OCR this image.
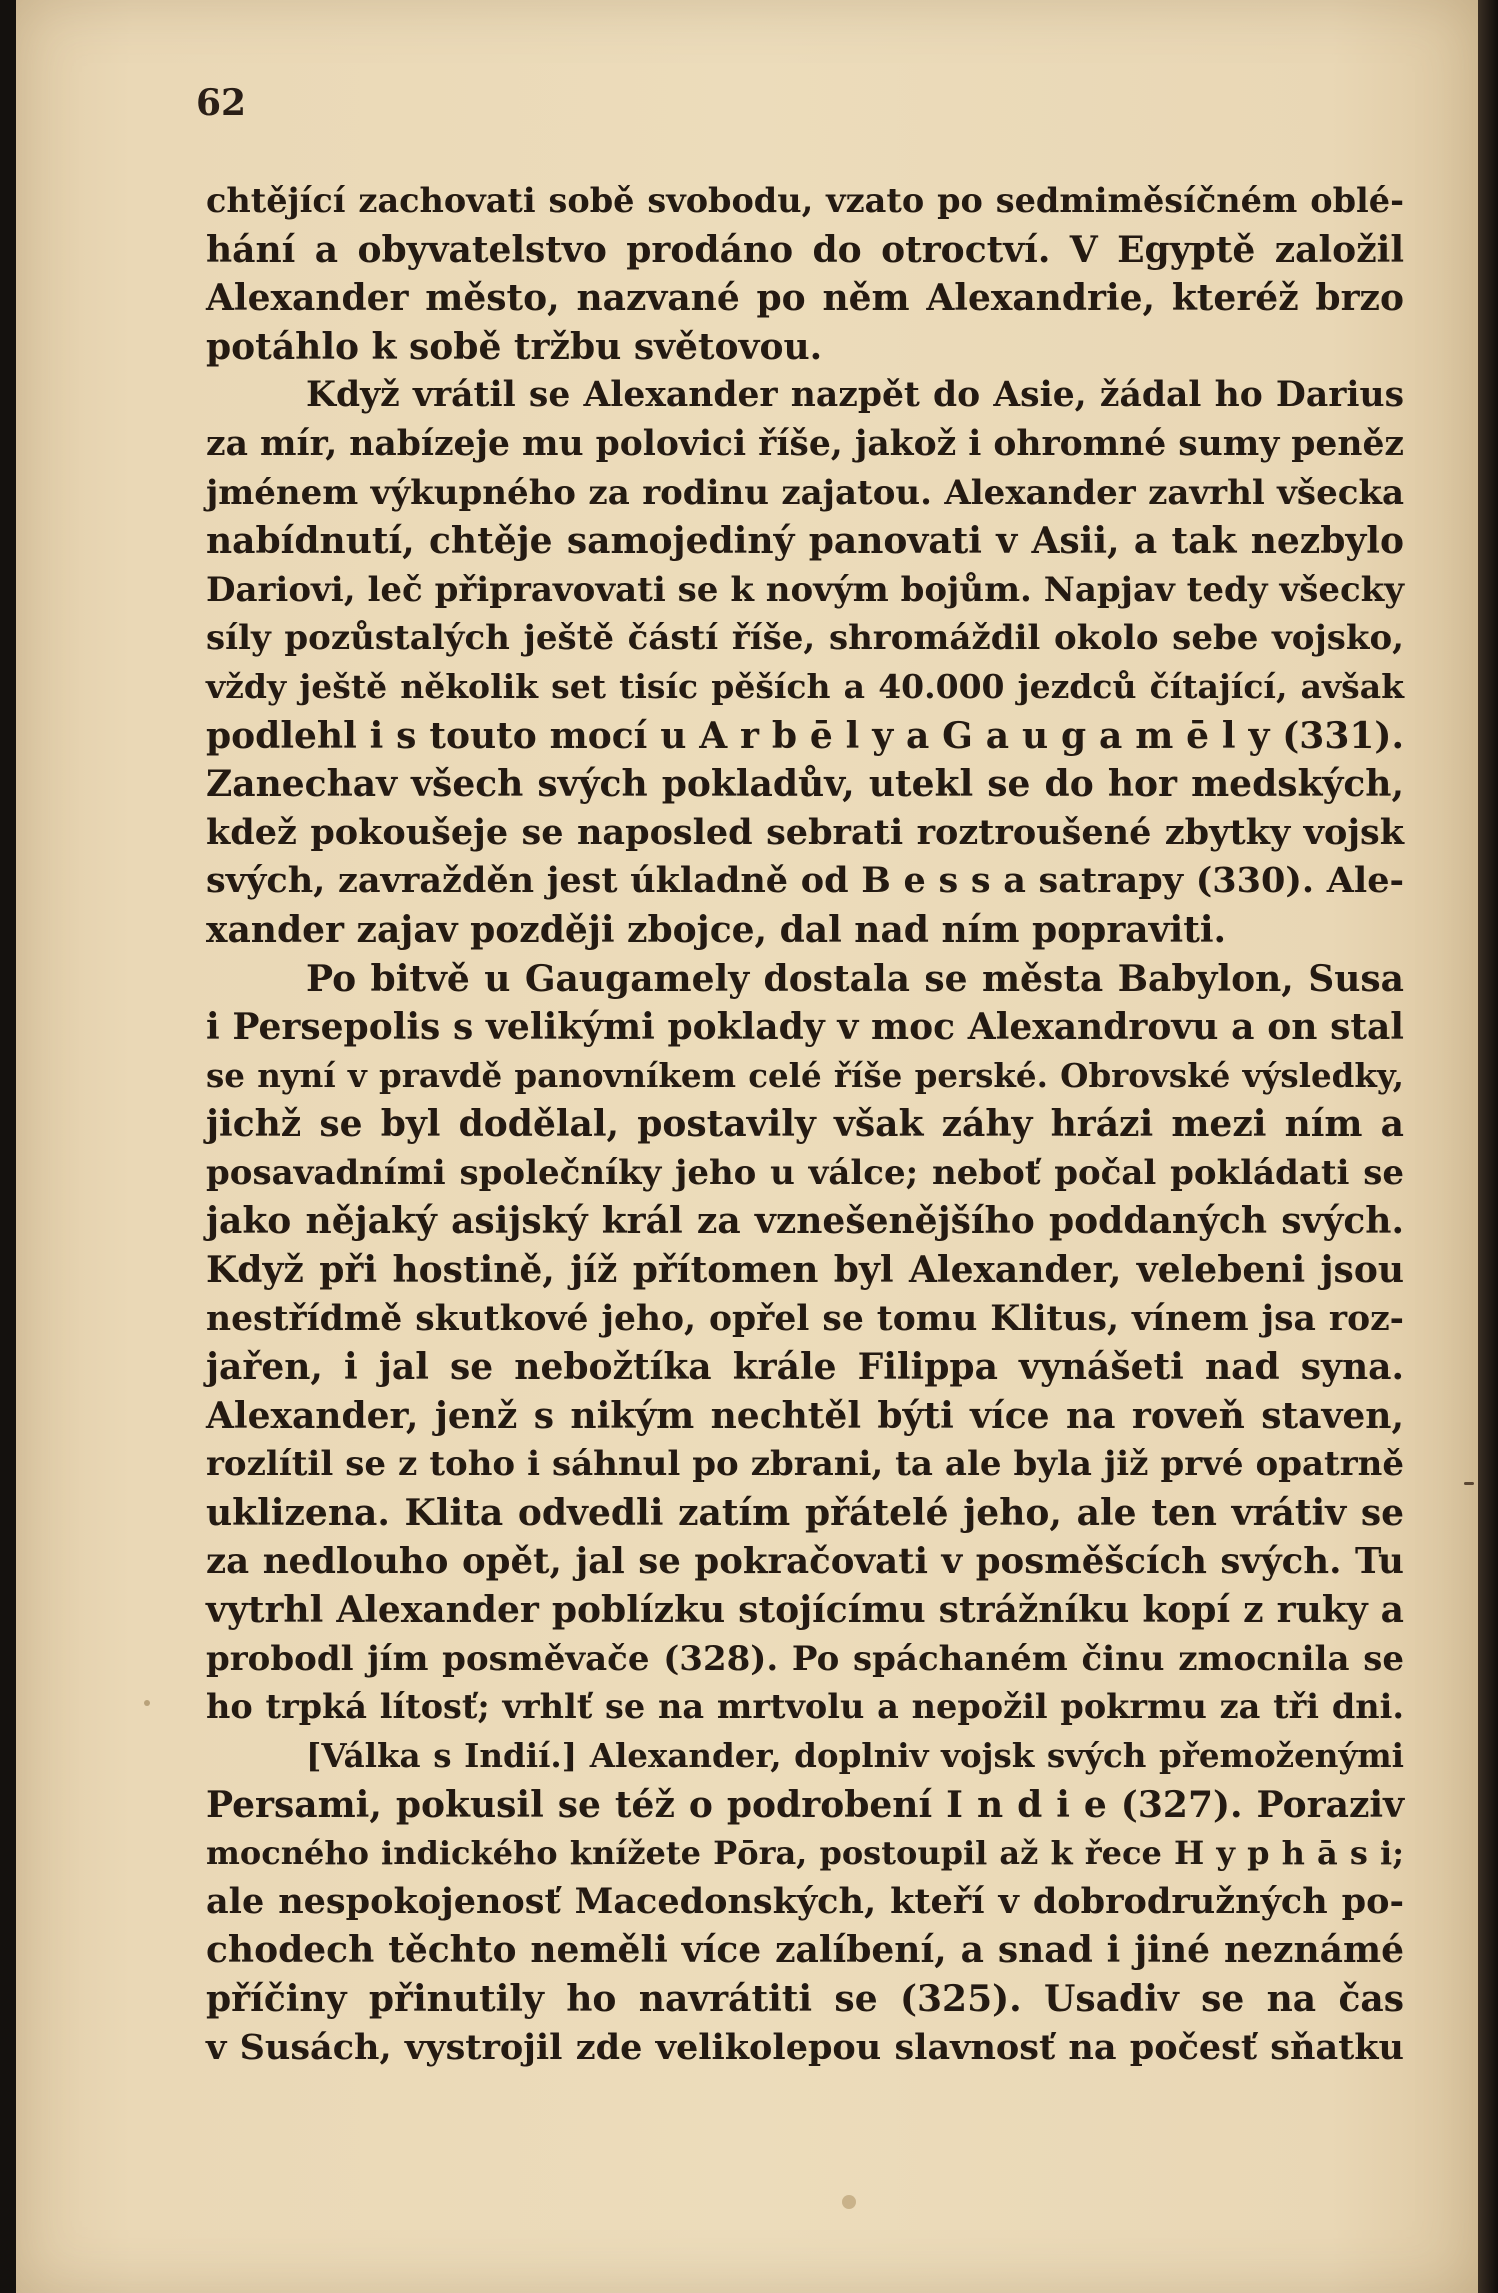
62
chtějící zachovati sobě svobodu, vzato po sedmiměsíčném oblé-
hání a obyvatelstvo prodáno do otroctví. V Egyptě založil
Alexander město, nazvané po něm Alexandrie, kteréž brzo
potáhlo k sobě tržbu světovou.
Když vrátil se Alexander nazpět do Asie, žádal ho Darius
za mír, nabízeje mu polovici říše, jakož i ohromné sumy peněz
jménem výkupného za rodinu zajatou. Alexander zavrhl všecka
nabídnutí, chtěje samojediný panovati v Asii, a tak nezbylo
Dariovi, leč připravovati se k novým bojům. Napjav tedy všecky
síly pozůstalých ještě částí říše, shromáždil okolo sebe vojsko,
vždy ještě několik set tisíc pěších a 40.000 jezdců čítající, avšak
podlehl i s touto mocí u A r b ē l y a G a u g a m ē l y (331).
Zanechav všech svých pokladův, utekl se do hor medských,
kdež pokoušeje se naposled sebrati roztroušené zbytky vojsk
svých, zavražděn jest úkladně od B e s s a satrapy (330). Ale-
xander zajav později zbojce, dal nad ním popraviti.
Po bitvě u Gaugamely dostala se města Babylon, Susa
i Persepolis s velikými poklady v moc Alexandrovu a on stal
se nyní v pravdě panovníkem celé říše perské. Obrovské výsledky,
jichž se byl dodělal, postavily však záhy hrázi mezi ním a
posavadními společníky jeho u válce; neboť počal pokládati se
jako nějaký asijský král za vznešenějšího poddaných svých.
Když při hostině, jíž přítomen byl Alexander, velebeni jsou
nestřídmě skutkové jeho, opřel se tomu Klitus, vínem jsa roz-
jařen, i jal se nebožtíka krále Filippa vynášeti nad syna.
Alexander, jenž s nikým nechtěl býti více na roveň staven,
rozlítil se z toho i sáhnul po zbrani, ta ale byla již prvé opatrně
uklizena. Klita odvedli zatím přátelé jeho, ale ten vrátiv se
za nedlouho opět, jal se pokračovati v posměšcích svých. Tu
vytrhl Alexander poblízku stojícímu strážníku kopí z ruky a
probodl jím posměvače (328). Po spáchaném činu zmocnila se
ho trpká lítosť; vrhlť se na mrtvolu a nepožil pokrmu za tři dni.
[Válka s Indií.] Alexander, doplniv vojsk svých přemoženými
Persami, pokusil se též o podrobení I n d i e (327). Poraziv
mocného indického knížete Pōra, postoupil až k řece H y p h ā s i;
ale nespokojenosť Macedonských, kteří v dobrodružných po-
chodech těchto neměli více zalíbení, a snad i jiné neznámé
příčiny přinutily ho navrátiti se (325). Usadiv se na čas
v Susách, vystrojil zde velikolepou slavnosť na počesť sňatku
